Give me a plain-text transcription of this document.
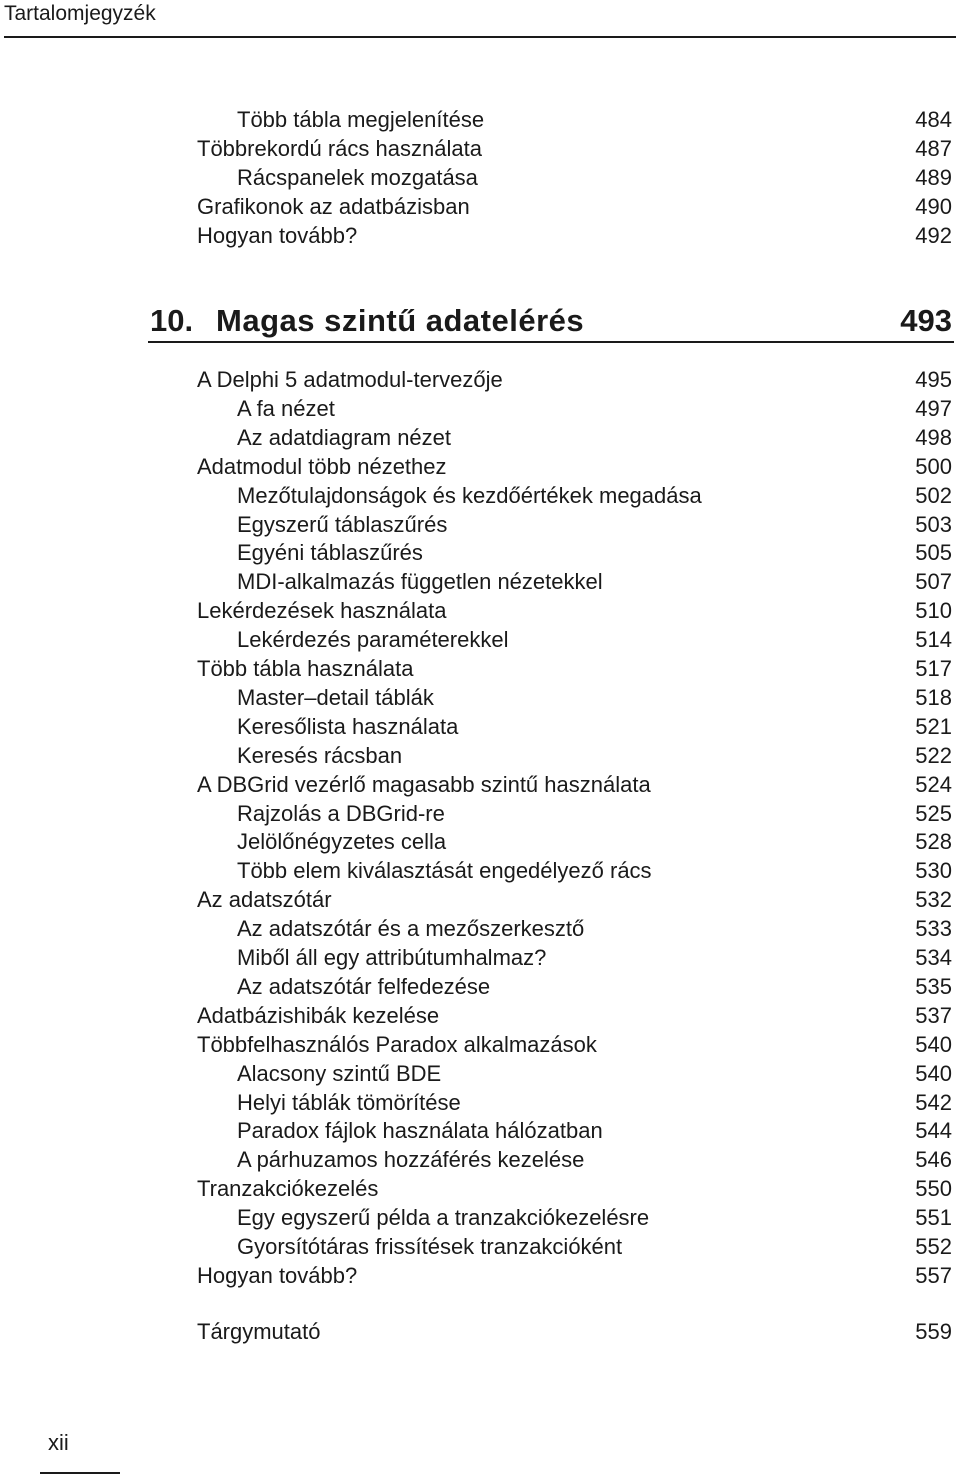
Tartalomjegyzék
Több tábla megjelenítése	484
Többrekordú rács használata	487
Rácspanelek mozgatása	489
Grafikonok az adatbázisban	490
Hogyan tovább?	492
10. Magas szintű adatelérés	493
A Delphi 5 adatmodul-tervezője	495
A fa nézet	497
Az adatdiagram nézet	498
Adatmodul több nézethez	500
Mezőtulajdonságok és kezdőértékek megadása	502
Egyszerű táblaszűrés	503
Egyéni táblaszűrés	505
MDI-alkalmazás független nézetekkel	507
Lekérdezések használata	510
Lekérdezés paraméterekkel	514
Több tábla használata	517
Master–detail táblák	518
Keresőlista használata	521
Keresés rácsban	522
A DBGrid vezérlő magasabb szintű használata	524
Rajzolás a DBGrid-re	525
Jelölőnégyzetes cella	528
Több elem kiválasztását engedélyező rács	530
Az adatszótár	532
Az adatszótár és a mezőszerkesztő	533
Miből áll egy attribútumhalmaz?	534
Az adatszótár felfedezése	535
Adatbázishibák kezelése	537
Többfelhasználós Paradox alkalmazások	540
Alacsony szintű BDE	540
Helyi táblák tömörítése	542
Paradox fájlok használata hálózatban	544
A párhuzamos hozzáférés kezelése	546
Tranzakciókezelés	550
Egy egyszerű példa a tranzakciókezelésre	551
Gyorsítótáras frissítések tranzakcióként	552
Hogyan tovább?	557
Tárgymutató	559
xii
